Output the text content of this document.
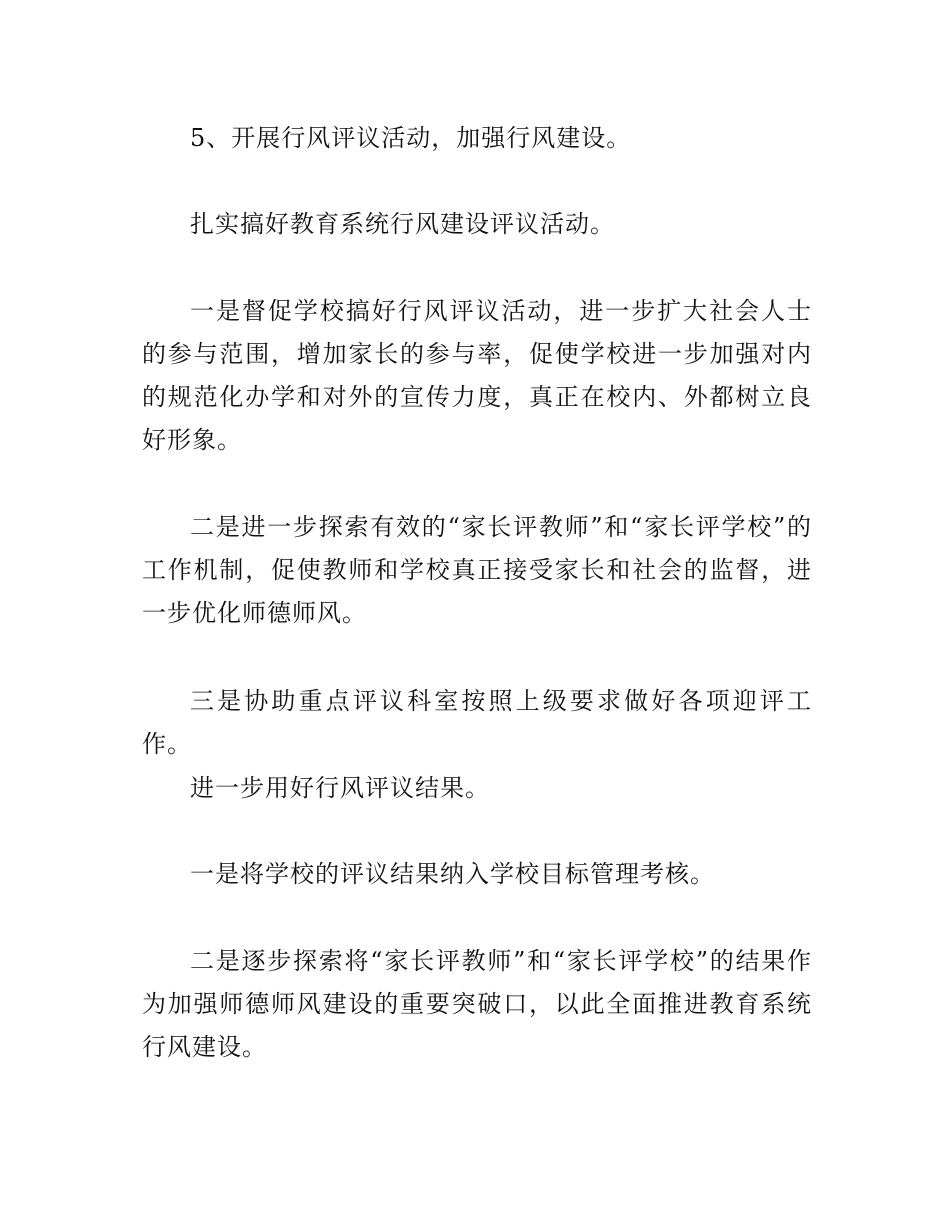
5、开展行风评议活动，加强行风建设。

扎实搞好教育系统行风建设评议活动。

一是督促学校搞好行风评议活动，进一步扩大社会人士的参与范围，增加家长的参与率，促使学校进一步加强对内的规范化办学和对外的宣传力度，真正在校内、外都树立良好形象。

二是进一步探索有效的“家长评教师”和“家长评学校”的工作机制，促使教师和学校真正接受家长和社会的监督，进一步优化师德师风。

三是协助重点评议科室按照上级要求做好各项迎评工作。

进一步用好行风评议结果。

一是将学校的评议结果纳入学校目标管理考核。

二是逐步探索将“家长评教师”和“家长评学校”的结果作为加强师德师风建设的重要突破口，以此全面推进教育系统行风建设。
